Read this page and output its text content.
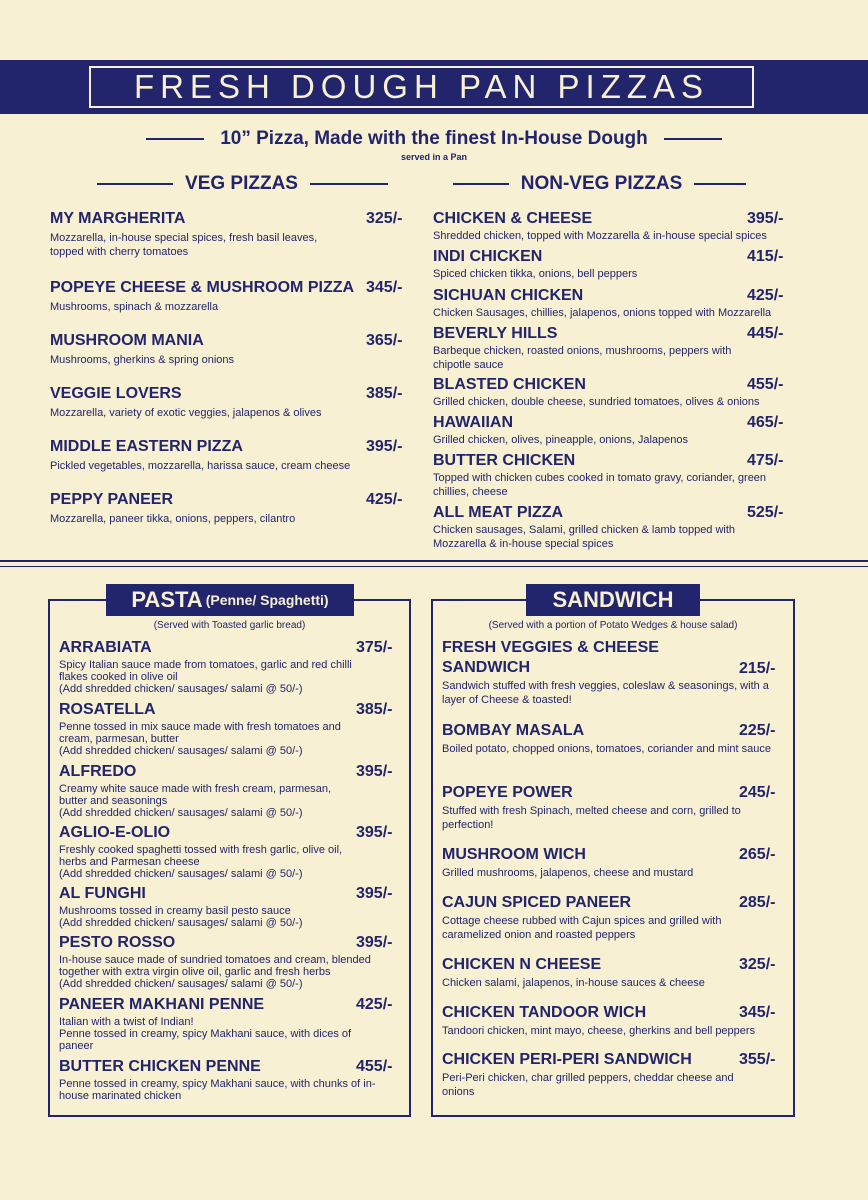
FRESH DOUGH PAN PIZZAS
10” Pizza, Made with the finest In-House Dough
served in a Pan
VEG PIZZAS	NON-VEG PIZZAS
MY MARGHERITA	325/-
Mozzarella, in-house special spices, fresh basil leaves, topped with cherry tomatoes
POPEYE CHEESE & MUSHROOM PIZZA 345/-
Mushrooms, spinach & mozzarella
MUSHROOM MANIA	365/-
Mushrooms, gherkins & spring onions
VEGGIE LOVERS	385/-
Mozzarella, variety of exotic veggies, jalapenos & olives
MIDDLE EASTERN PIZZA	395/-
Pickled vegetables, mozzarella, harissa sauce, cream cheese
PEPPY PANEER	425/-
Mozzarella, paneer tikka, onions, peppers, cilantro
CHICKEN & CHEESE	395/-
Shredded chicken, topped with Mozzarella & in-house special spices
INDI CHICKEN	415/-
Spiced chicken tikka, onions, bell peppers
SICHUAN CHICKEN	425/-
Chicken Sausages, chillies, jalapenos, onions topped with Mozzarella
BEVERLY HILLS	445/-
Barbeque chicken, roasted onions, mushrooms, peppers with chipotle sauce
BLASTED CHICKEN	455/-
Grilled chicken, double cheese, sundried tomatoes, olives & onions
HAWAIIAN	465/-
Grilled chicken, olives, pineapple, onions, Jalapenos
BUTTER CHICKEN	475/-
Topped with chicken cubes cooked in tomato gravy, coriander, green chillies, cheese
ALL MEAT PIZZA	525/-
Chicken sausages, Salami, grilled chicken & lamb topped with Mozzarella & in-house special spices
PASTA (Penne/ Spaghetti)
(Served with Toasted garlic bread)
ARRABIATA	375/-
Spicy Italian sauce made from tomatoes, garlic and red chilli flakes cooked in olive oil
(Add shredded chicken/ sausages/ salami @ 50/-)
ROSATELLA	385/-
Penne tossed in mix sauce made with fresh tomatoes and cream, parmesan, butter
(Add shredded chicken/ sausages/ salami @ 50/-)
ALFREDO	395/-
Creamy white sauce made with fresh cream, parmesan, butter and seasonings
(Add shredded chicken/ sausages/ salami @ 50/-)
AGLIO-E-OLIO	395/-
Freshly cooked spaghetti tossed with fresh garlic, olive oil, herbs and Parmesan cheese
(Add shredded chicken/ sausages/ salami @ 50/-)
AL FUNGHI	395/-
Mushrooms tossed in creamy basil pesto sauce
(Add shredded chicken/ sausages/ salami @ 50/-)
PESTO ROSSO	395/-
In-house sauce made of sundried tomatoes and cream, blended together with extra virgin olive oil, garlic and fresh herbs
(Add shredded chicken/ sausages/ salami @ 50/-)
PANEER MAKHANI PENNE	425/-
Italian with a twist of Indian!
Penne tossed in creamy, spicy Makhani sauce, with dices of paneer
BUTTER CHICKEN PENNE	455/-
Penne tossed in creamy, spicy Makhani sauce, with chunks of in-house marinated chicken
SANDWICH
(Served with a portion of Potato Wedges & house salad)
FRESH VEGGIES & CHEESE
SANDWICH	215/-
Sandwich stuffed with fresh veggies, coleslaw & seasonings, with a layer of Cheese & toasted!
BOMBAY MASALA	225/-
Boiled potato, chopped onions, tomatoes, coriander and mint sauce
POPEYE POWER	245/-
Stuffed with fresh Spinach, melted cheese and corn, grilled to perfection!
MUSHROOM WICH	265/-
Grilled mushrooms, jalapenos, cheese and mustard
CAJUN SPICED PANEER	285/-
Cottage cheese rubbed with Cajun spices and grilled with caramelized onion and roasted peppers
CHICKEN N CHEESE	325/-
Chicken salami, jalapenos, in-house sauces & cheese
CHICKEN TANDOOR WICH	345/-
Tandoori chicken, mint mayo, cheese, gherkins and bell peppers
CHICKEN PERI-PERI SANDWICH	355/-
Peri-Peri chicken, char grilled peppers, cheddar cheese and onions
